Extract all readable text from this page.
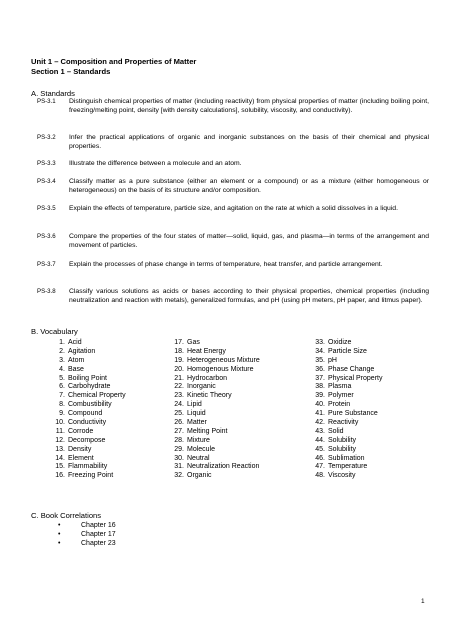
Unit 1 – Composition and Properties of Matter
Section 1 – Standards
A. Standards
PS-3.1 Distinguish chemical properties of matter (including reactivity) from physical properties of matter (including boiling point, freezing/melting point, density [with density calculations], solubility, viscosity, and conductivity).
PS-3.2 Infer the practical applications of organic and inorganic substances on the basis of their chemical and physical properties.
PS-3.3 Illustrate the difference between a molecule and an atom.
PS-3.4 Classify matter as a pure substance (either an element or a compound) or as a mixture (either homogeneous or heterogeneous) on the basis of its structure and/or composition.
PS-3.5 Explain the effects of temperature, particle size, and agitation on the rate at which a solid dissolves in a liquid.
PS-3.6 Compare the properties of the four states of matter—solid, liquid, gas, and plasma—in terms of the arrangement and movement of particles.
PS-3.7 Explain the processes of phase change in terms of temperature, heat transfer, and particle arrangement.
PS-3.8 Classify various solutions as acids or bases according to their physical properties, chemical properties (including neutralization and reaction with metals), generalized formulas, and pH (using pH meters, pH paper, and litmus paper).
B. Vocabulary
1. Acid
2. Agitation
3. Atom
4. Base
5. Boiling Point
6. Carbohydrate
7. Chemical Property
8. Combustibility
9. Compound
10. Conductivity
11. Corrode
12. Decompose
13. Density
14. Element
15. Flammability
16. Freezing Point
17. Gas
18. Heat Energy
19. Heterogeneous Mixture
20. Homogenous Mixture
21. Hydrocarbon
22. Inorganic
23. Kinetic Theory
24. Lipid
25. Liquid
26. Matter
27. Melting Point
28. Mixture
29. Molecule
30. Neutral
31. Neutralization Reaction
32. Organic
33. Oxidize
34. Particle Size
35. pH
36. Phase Change
37. Physical Property
38. Plasma
39. Polymer
40. Protein
41. Pure Substance
42. Reactivity
43. Solid
44. Solubility
45. Solubility
46. Sublimation
47. Temperature
48. Viscosity
C. Book Correlations
•	Chapter 16
•	Chapter 17
•	Chapter 23
1
